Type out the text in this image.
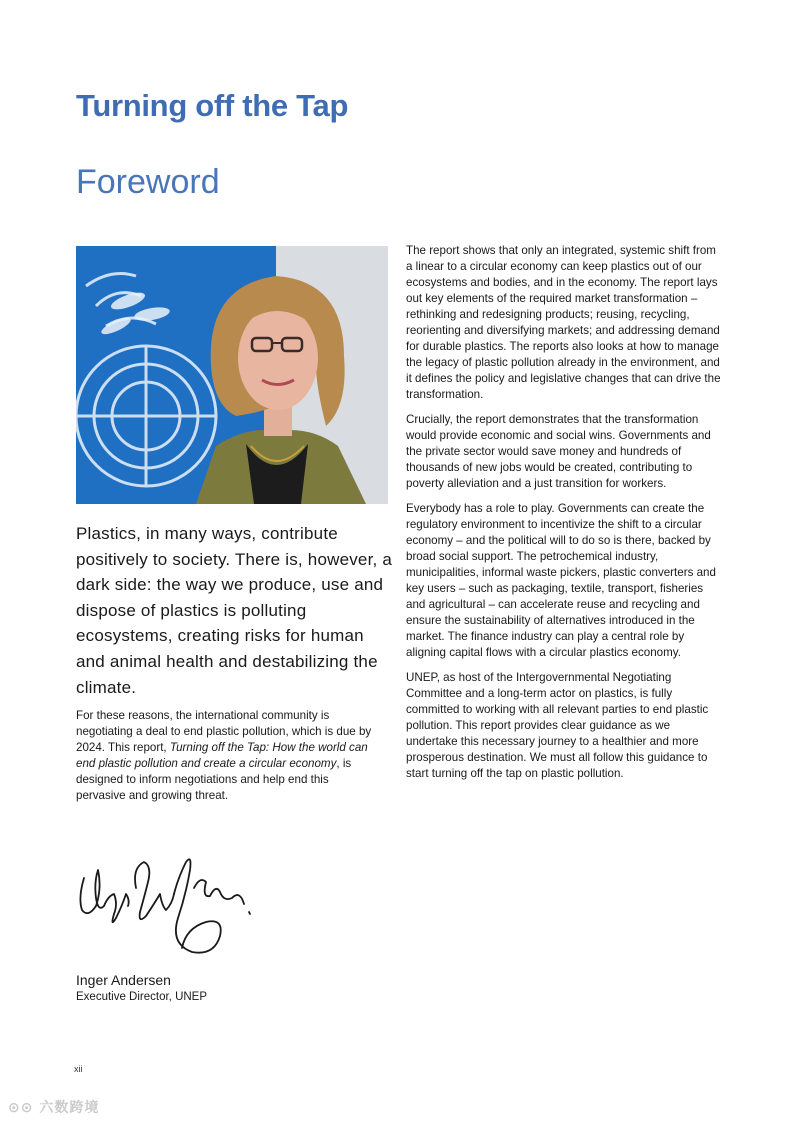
Turning off the Tap
Foreword

Plastics, in many ways, contribute positively to society. There is, however, a dark side: the way we produce, use and dispose of plastics is polluting ecosystems, creating risks for human and animal health and destabilizing the climate.

For these reasons, the international community is negotiating a deal to end plastic pollution, which is due by 2024. This report, Turning off the Tap: How the world can end plastic pollution and create a circular economy, is designed to inform negotiations and help end this pervasive and growing threat.

The report shows that only an integrated, systemic shift from a linear to a circular economy can keep plastics out of our ecosystems and bodies, and in the economy. The report lays out key elements of the required market transformation – rethinking and redesigning products; reusing, recycling, reorienting and diversifying markets; and addressing demand for durable plastics. The reports also looks at how to manage the legacy of plastic pollution already in the environment, and it defines the policy and legislative changes that can drive the transformation.

Crucially, the report demonstrates that the transformation would provide economic and social wins. Governments and the private sector would save money and hundreds of thousands of new jobs would be created, contributing to poverty alleviation and a just transition for workers.

Everybody has a role to play. Governments can create the regulatory environment to incentivize the shift to a circular economy – and the political will to do so is there, backed by broad social support. The petrochemical industry, municipalities, informal waste pickers, plastic converters and key users – such as packaging, textile, transport, fisheries and agricultural – can accelerate reuse and recycling and ensure the sustainability of alternatives introduced in the market. The finance industry can play a central role by aligning capital flows with a circular plastics economy.

UNEP, as host of the Intergovernmental Negotiating Committee and a long-term actor on plastics, is fully committed to working with all relevant parties to end plastic pollution. This report provides clear guidance as we undertake this necessary journey to a healthier and more prosperous destination. We must all follow this guidance to start turning off the tap on plastic pollution.

Inger Andersen
Executive Director, UNEP
xii
⊙⊙ 六数跨境
